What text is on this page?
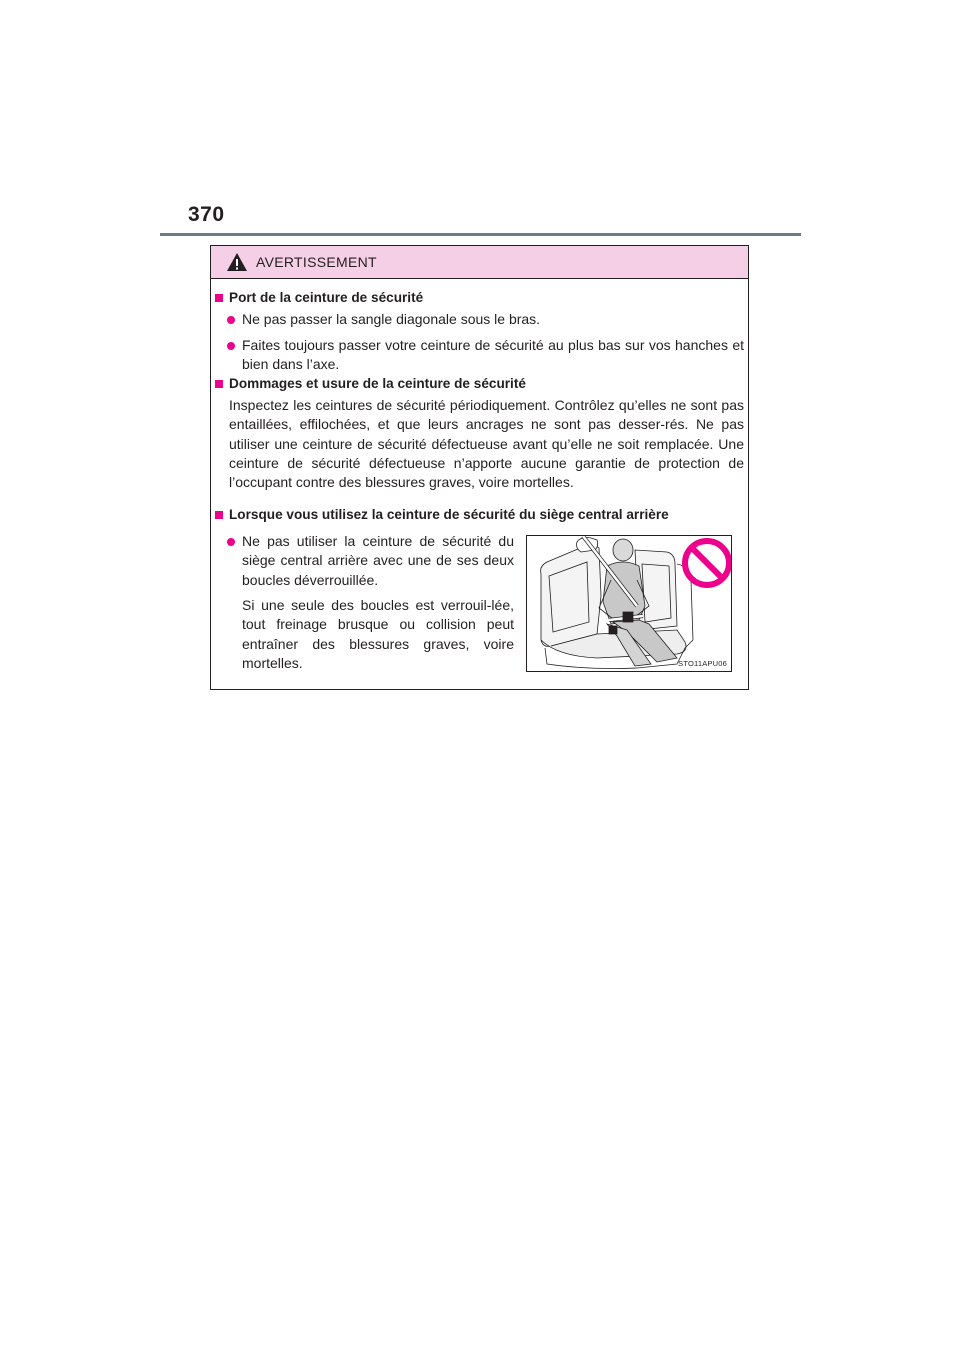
370
AVERTISSEMENT
Port de la ceinture de sécurité
Ne pas passer la sangle diagonale sous le bras.
Faites toujours passer votre ceinture de sécurité au plus bas sur vos hanches et bien dans l’axe.
Dommages et usure de la ceinture de sécurité
Inspectez les ceintures de sécurité périodiquement. Contrôlez qu’elles ne sont pas entaillées, effilochées, et que leurs ancrages ne sont pas desser-rés. Ne pas utiliser une ceinture de sécurité défectueuse avant qu’elle ne soit remplacée. Une ceinture de sécurité défectueuse n’apporte aucune garantie de protection de l’occupant contre des blessures graves, voire mortelles.
Lorsque vous utilisez la ceinture de sécurité du siège central arrière
Ne pas utiliser la ceinture de sécurité du siège central arrière avec une de ses deux boucles déverrouillée.
Si une seule des boucles est verrouil-lée, tout freinage brusque ou collision peut entraîner des blessures graves, voire mortelles.	STO11APU06
